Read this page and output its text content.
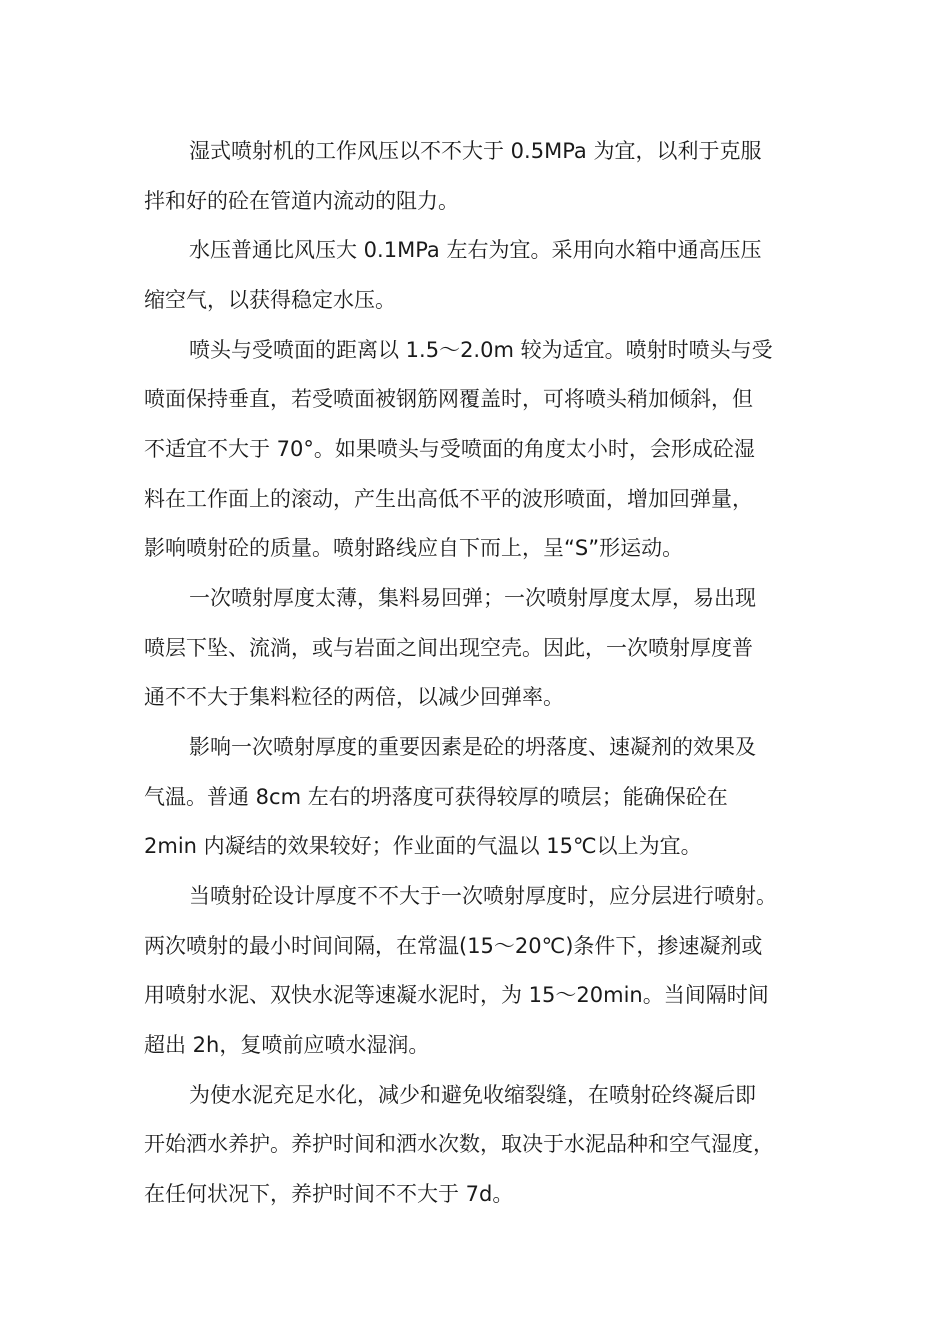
湿式喷射机的工作风压以不不大于 0.5MPa 为宜，以利于克服
拌和好的砼在管道内流动的阻力。
水压普通比风压大 0.1MPa 左右为宜。采用向水箱中通高压压
缩空气，以获得稳定水压。
喷头与受喷面的距离以 1.5～2.0m 较为适宜。喷射时喷头与受
喷面保持垂直，若受喷面被钢筋网覆盖时，可将喷头稍加倾斜，但
不适宜不大于 70°。如果喷头与受喷面的角度太小时，会形成砼湿
料在工作面上的滚动，产生出高低不平的波形喷面，增加回弹量，
影响喷射砼的质量。喷射路线应自下而上，呈“S”形运动。
一次喷射厚度太薄，集料易回弹；一次喷射厚度太厚，易出现
喷层下坠、流淌，或与岩面之间出现空壳。因此，一次喷射厚度普
通不不大于集料粒径的两倍，以减少回弹率。
影响一次喷射厚度的重要因素是砼的坍落度、速凝剂的效果及
气温。普通 8cm 左右的坍落度可获得较厚的喷层；能确保砼在
2min 内凝结的效果较好；作业面的气温以 15℃以上为宜。
当喷射砼设计厚度不不大于一次喷射厚度时，应分层进行喷射。
两次喷射的最小时间间隔，在常温(15～20℃)条件下，掺速凝剂或
用喷射水泥、双快水泥等速凝水泥时，为 15～20min。当间隔时间
超出 2h，复喷前应喷水湿润。
为使水泥充足水化，减少和避免收缩裂缝，在喷射砼终凝后即
开始洒水养护。养护时间和洒水次数，取决于水泥品种和空气湿度，
在任何状况下，养护时间不不大于 7d。
